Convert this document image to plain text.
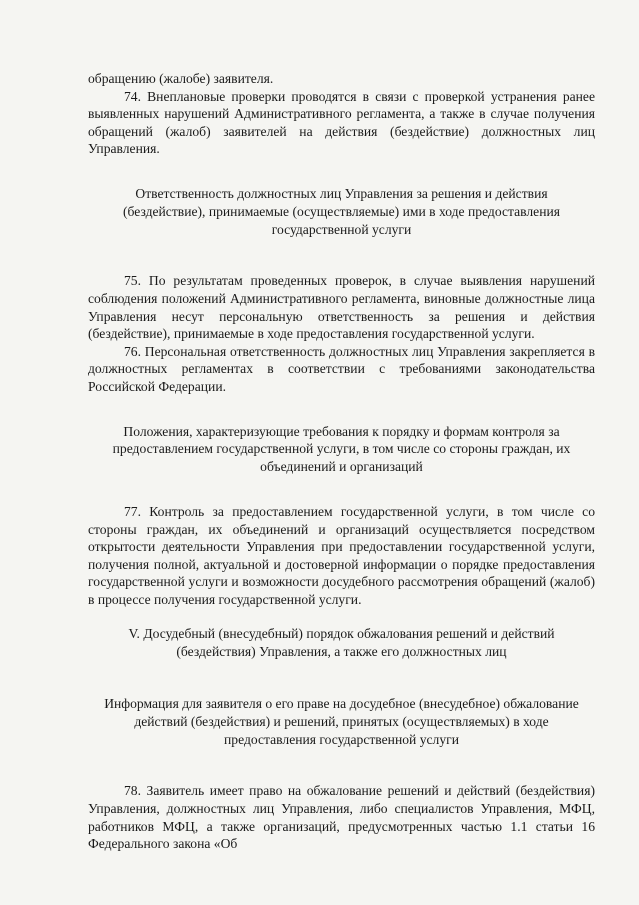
обращению (жалобе) заявителя.

74. Внеплановые проверки проводятся в связи с проверкой устранения ранее выявленных нарушений Административного регламента, а также в случае получения обращений (жалоб) заявителей на действия (бездействие) должностных лиц Управления.

Ответственность должностных лиц Управления за решения и действия (бездействие), принимаемые (осуществляемые) ими в ходе предоставления государственной услуги

75. По результатам проведенных проверок, в случае выявления нарушений соблюдения положений Административного регламента, виновные должностные лица Управления несут персональную ответственность за решения и действия (бездействие), принимаемые в ходе предоставления государственной услуги.

76. Персональная ответственность должностных лиц Управления закрепляется в должностных регламентах в соответствии с требованиями законодательства Российской Федерации.

Положения, характеризующие требования к порядку и формам контроля за предоставлением государственной услуги, в том числе со стороны граждан, их объединений и организаций

77. Контроль за предоставлением государственной услуги, в том числе со стороны граждан, их объединений и организаций осуществляется посредством открытости деятельности Управления при предоставлении государственной услуги, получения полной, актуальной и достоверной информации о порядке предоставления государственной услуги и возможности досудебного рассмотрения обращений (жалоб) в процессе получения государственной услуги.

V. Досудебный (внесудебный) порядок обжалования решений и действий (бездействия) Управления, а также его должностных лиц

Информация для заявителя о его праве на досудебное (внесудебное) обжалование действий (бездействия) и решений, принятых (осуществляемых) в ходе предоставления государственной услуги

78. Заявитель имеет право на обжалование решений и действий (бездействия) Управления, должностных лиц Управления, либо специалистов Управления, МФЦ, работников МФЦ, а также организаций, предусмотренных частью 1.1 статьи 16 Федерального закона «Об
